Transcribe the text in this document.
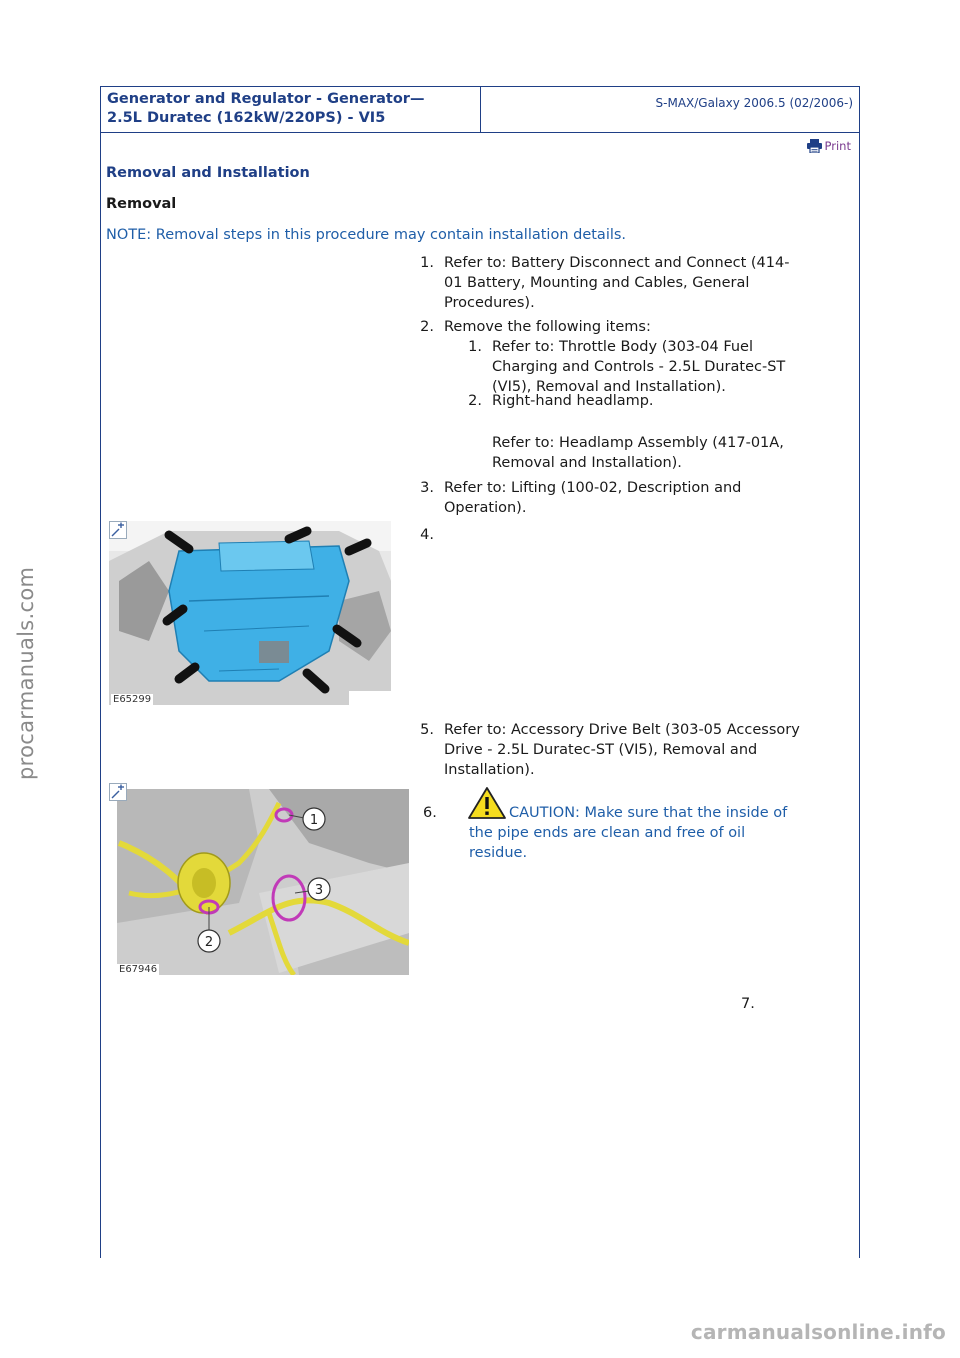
Generator and Regulator - Generator—
2.5L Duratec (162kW/220PS) - VI5
S-MAX/Galaxy 2006.5 (02/2006-)
Print
Removal and Installation
Removal
NOTE: Removal steps in this procedure may contain installation details.
1. Refer to: Battery Disconnect and Connect (414-
01 Battery, Mounting and Cables, General
Procedures).
2. Remove the following items:
1. Refer to: Throttle Body (303-04 Fuel
Charging and Controls - 2.5L Duratec-ST
(VI5), Removal and Installation).
2. Right-hand headlamp.
Refer to: Headlamp Assembly (417-01A,
Removal and Installation).
3. Refer to: Lifting (100-02, Description and
Operation).
E65299
4.
5. Refer to: Accessory Drive Belt (303-05 Accessory
Drive - 2.5L Duratec-ST (VI5), Removal and
Installation).
1
2
3
E67946
6.	CAUTION: Make sure that the inside of
the pipe ends are clean and free of oil
residue.
7.
procarmanuals.com
carmanualsonline.info
